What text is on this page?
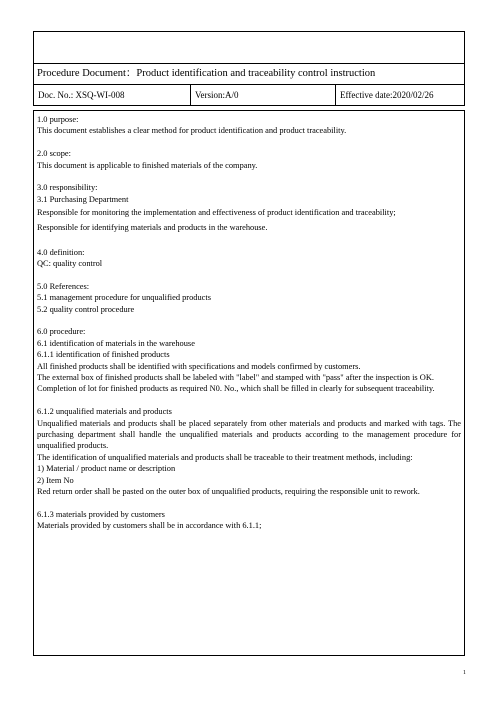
Procedure Document：Product identification and traceability control instruction
Doc. No.: XSQ-WI-008	Version:A/0	Effective date:2020/02/26

1.0 purpose:

This document establishes a clear method for product identification and product traceability.

2.0 scope:

This document is applicable to finished materials of the company.

3.0 responsibility:

3.1 Purchasing Department

Responsible for monitoring the implementation and effectiveness of product identification and traceability;

Responsible for identifying materials and products in the warehouse.

4.0 definition:

QC: quality control

5.0 References:

5.1 management procedure for unqualified products

5.2 quality control procedure

6.0 procedure:

6.1 identification of materials in the warehouse

6.1.1 identification of finished products

All finished products shall be identified with specifications and models confirmed by customers.

The external box of finished products shall be labeled with "label" and stamped with "pass" after the inspection is OK.

Completion of lot for finished products as required N0. No., which shall be filled in clearly for subsequent traceability.

6.1.2 unqualified materials and products

Unqualified materials and products shall be placed separately from other materials and products and marked with tags. The purchasing department shall handle the unqualified materials and products according to the management procedure for unqualified products.

The identification of unqualified materials and products shall be traceable to their treatment methods, including:

1) Material / product name or description

2) Item No

Red return order shall be pasted on the outer box of unqualified products, requiring the responsible unit to rework.

6.1.3 materials provided by customers

Materials provided by customers shall be in accordance with 6.1.1;

1
